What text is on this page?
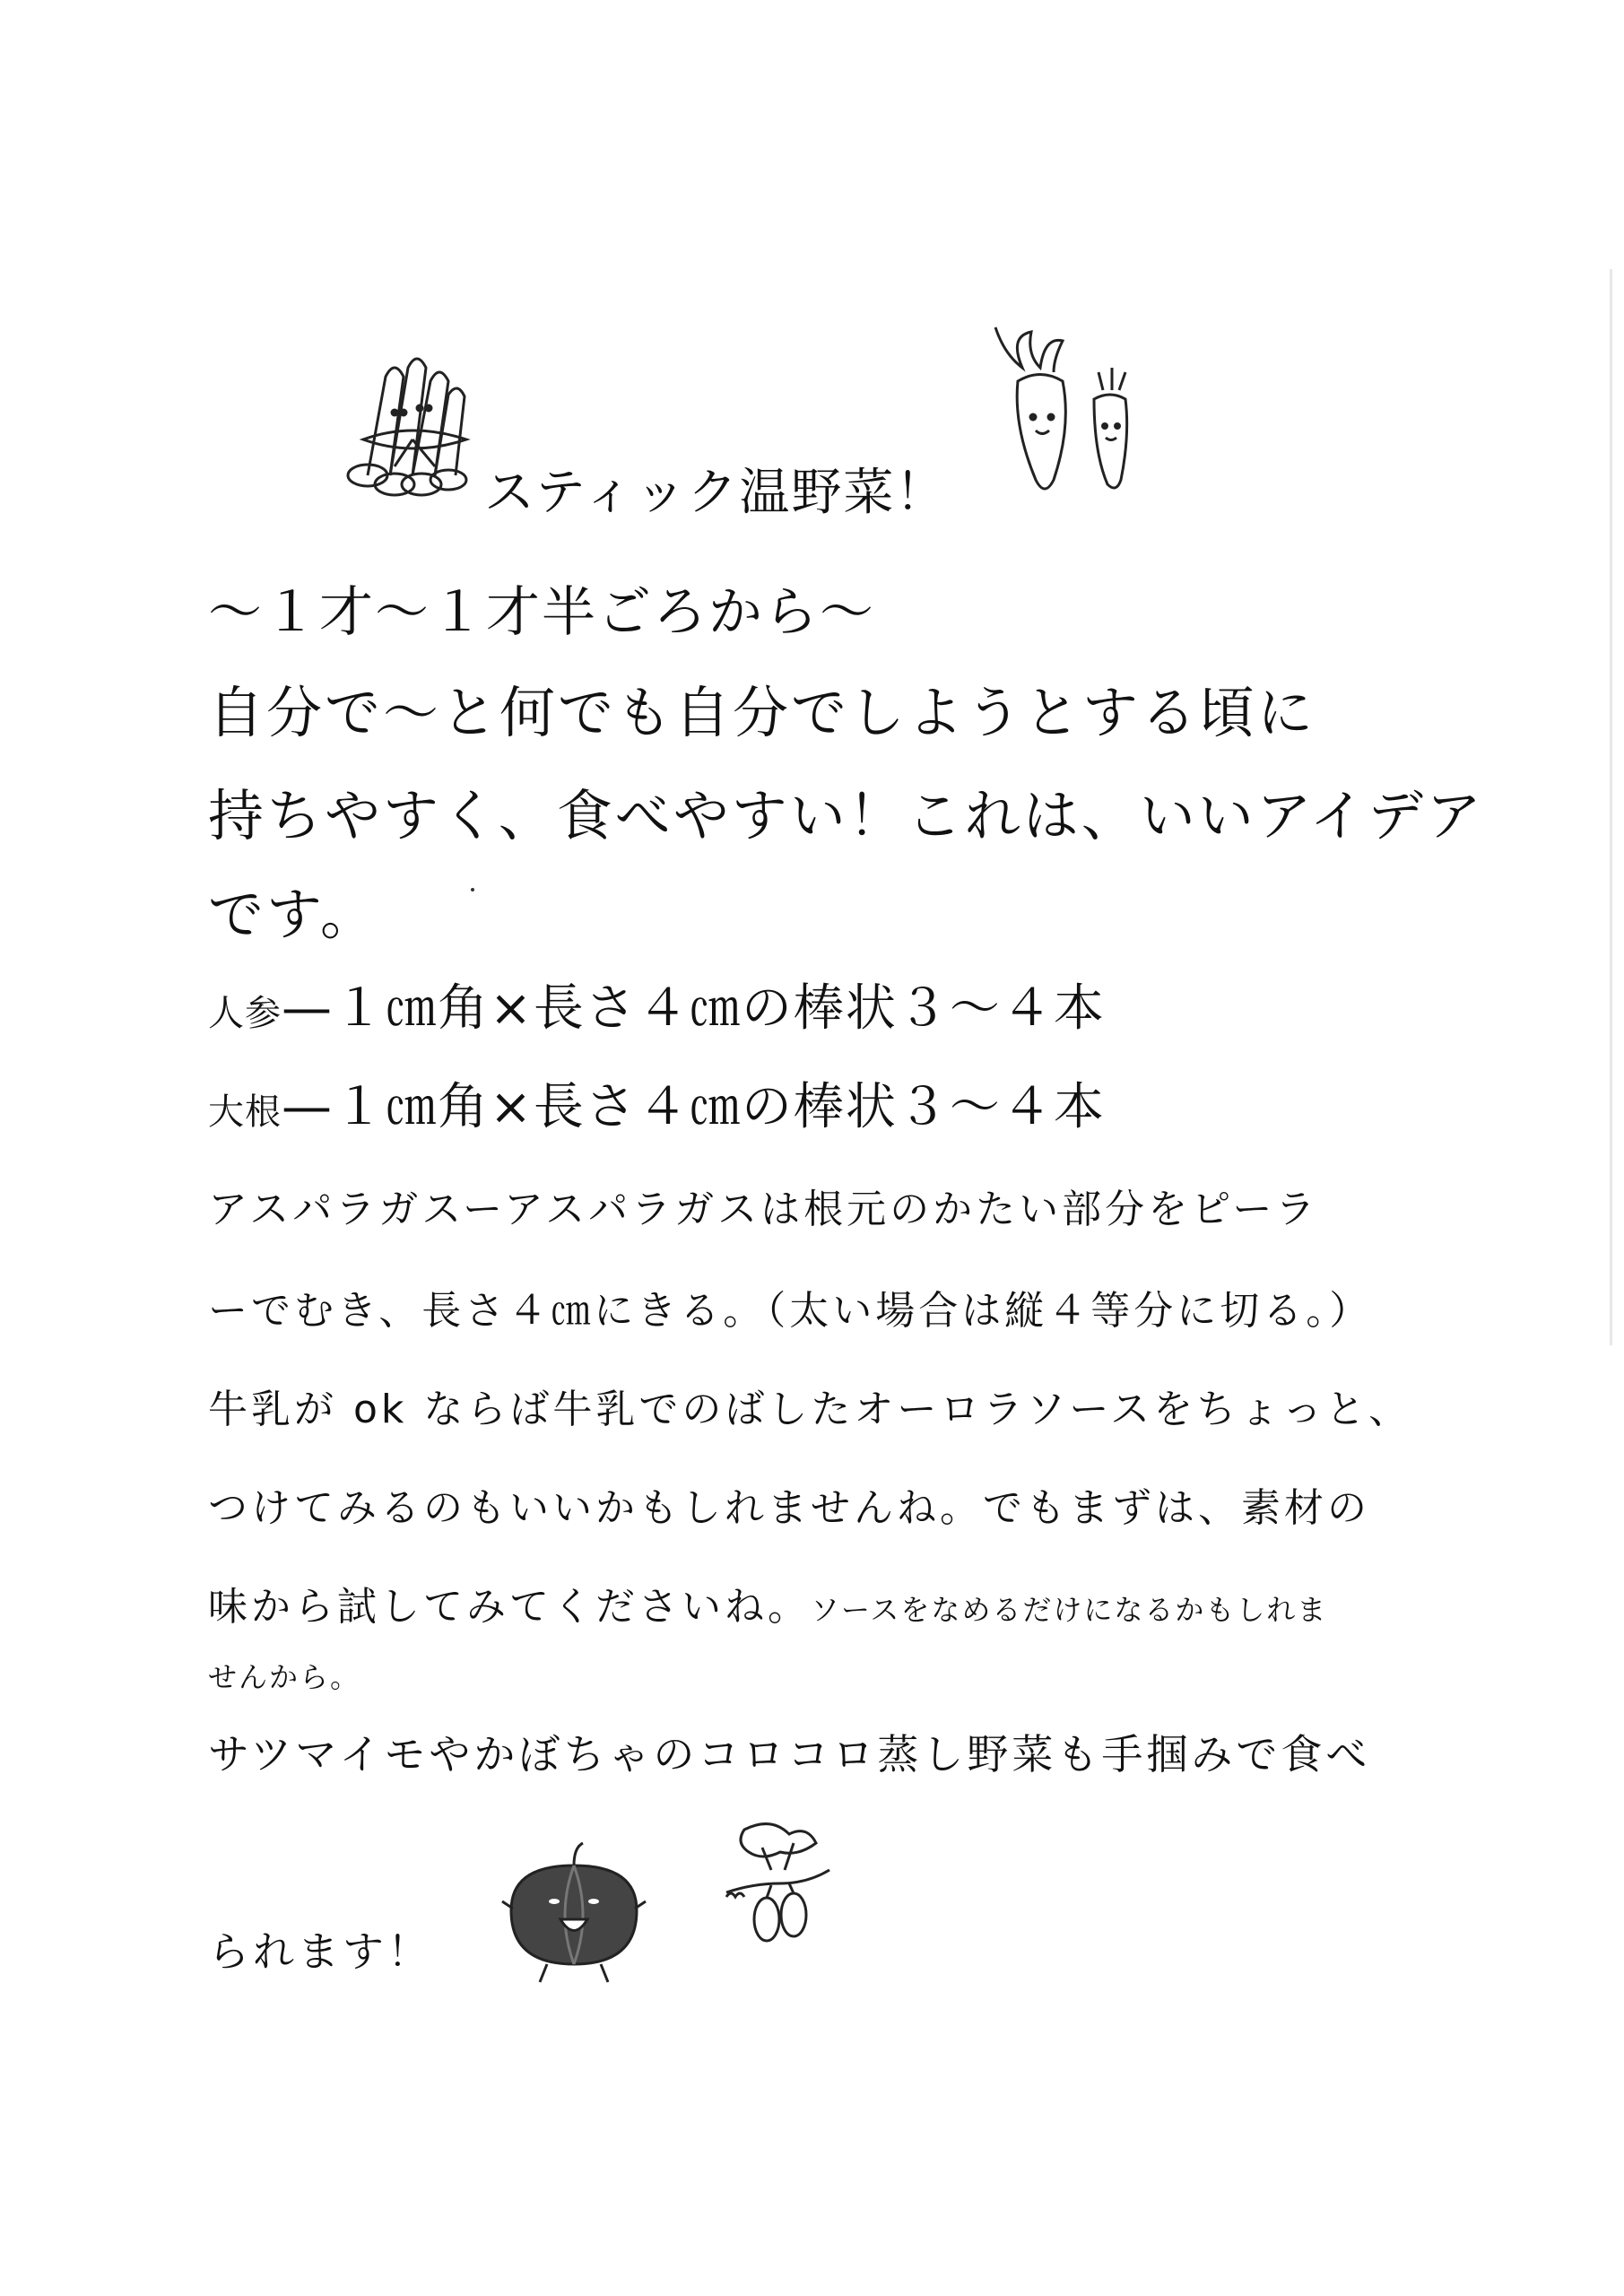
スティック温野菜！
～１才～１才半ごろから～
自分で～と何でも自分でしようとする頃に
持ちやすく、食べやすい！これは、いいアイデア
です。
人参—１㎝角×長さ４㎝の棒状３～４本
大根—１㎝角×長さ４㎝の棒状３～４本
アスパラガスーアスパラガスは根元のかたい部分をピーラ
ーでむき、長さ４㎝にきる。（太い場合は縦４等分に切る。）
牛乳が ok ならば牛乳でのばしたオーロラソースをちょっと、
つけてみるのもいいかもしれませんね。でもまずは、素材の
味から試してみてくださいね。ソースをなめるだけになるかもしれま
せんから。
サツマイモやかぼちゃのコロコロ蒸し野菜も手掴みで食べ
られます！
